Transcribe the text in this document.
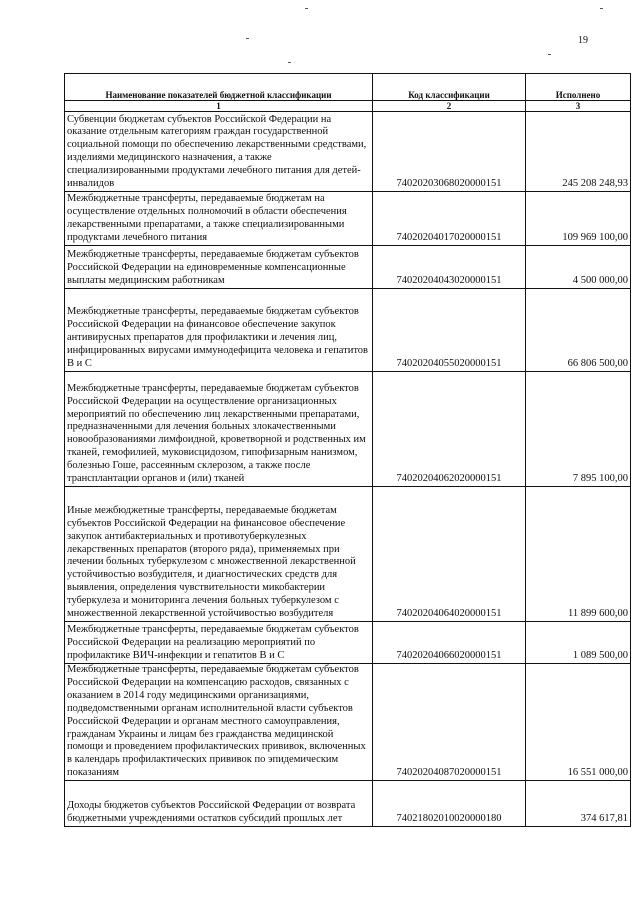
19
Наименование показателей бюджетной классификации	Код классификации	Исполнено
1	2	3
Субвенции бюджетам субъектов Российской Федерации на оказание отдельным категориям граждан государственной социальной помощи по обеспечению лекарственными средствами, изделиями медицинского назначения, а также специализированными продуктами лечебного питания для детей-инвалидов	74020203068020000151	245 208 248,93
Межбюджетные трансферты, передаваемые бюджетам на осуществление отдельных полномочий в области обеспечения лекарственными препаратами, а также специализированными продуктами лечебного питания	74020204017020000151	109 969 100,00
Межбюджетные трансферты, передаваемые бюджетам субъектов Российской Федерации на единовременные компенсационные выплаты медицинским работникам	74020204043020000151	4 500 000,00
Межбюджетные трансферты, передаваемые бюджетам субъектов Российской Федерации на финансовое обеспечение закупок антивирусных препаратов для профилактики и лечения лиц, инфицированных вирусами иммунодефицита человека и гепатитов В и С	74020204055020000151	66 806 500,00
Межбюджетные трансферты, передаваемые бюджетам субъектов Российской Федерации на осуществление организационных мероприятий по обеспечению лиц лекарственными препаратами, предназначенными для лечения больных злокачественными новообразованиями лимфоидной, кроветворной и родственных им тканей, гемофилией, муковисцидозом, гипофизарным нанизмом, болезнью Гоше, рассеянным склерозом, а также после трансплантации органов и (или) тканей	74020204062020000151	7 895 100,00
Иные межбюджетные трансферты, передаваемые бюджетам субъектов Российской Федерации на финансовое обеспечение закупок антибактериальных и противотуберкулезных лекарственных препаратов (второго ряда), применяемых при лечении больных туберкулезом с множественной лекарственной устойчивостью возбудителя, и диагностических средств для выявления, определения чувствительности микобактерии туберкулеза и мониторинга лечения больных туберкулезом с множественной лекарственной устойчивостью возбудителя	74020204064020000151	11 899 600,00
Межбюджетные трансферты, передаваемые бюджетам субъектов Российской Федерации на реализацию мероприятий по профилактике ВИЧ-инфекции и гепатитов В и С	74020204066020000151	1 089 500,00
Межбюджетные трансферты, передаваемые бюджетам субъектов Российской Федерации на компенсацию расходов, связанных с оказанием в 2014 году медицинскими организациями, подведомственными органам исполнительной власти субъектов Российской Федерации и органам местного самоуправления, гражданам Украины и лицам без гражданства медицинской помощи и проведением профилактических прививок, включенных в календарь профилактических прививок по эпидемическим показаниям	74020204087020000151	16 551 000,00
Доходы бюджетов субъектов Российской Федерации от возврата бюджетными учреждениями остатков субсидий прошлых лет	74021802010020000180	374 617,81
